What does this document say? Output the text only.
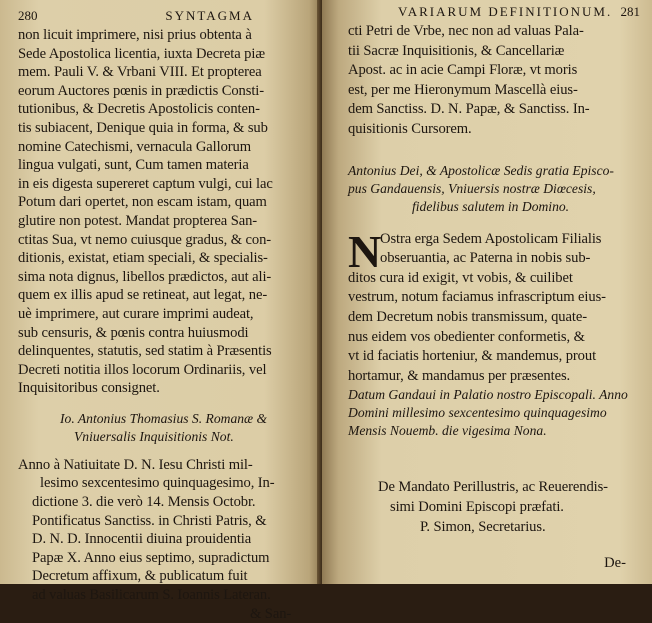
280	SYNTAGMA
non licuit imprimere, nisi prius obtenta à
Sede Apostolica licentia, iuxta Decreta piæ
mem. Pauli V. & Vrbani VIII. Et propterea
eorum Auctores pœnis in prædictis Consti-
tutionibus, & Decretis Apostolicis conten-
tis subiacent, Denique quia in forma, & sub
nomine Catechismi, vernacula Gallorum
lingua vulgati, sunt, Cum tamen materia
in eis digesta supereret captum vulgi, cui lac
Potum dari opertet, non escam istam, quam
glutire non potest. Mandat propterea San-
ctitas Sua, vt nemo cuiusque gradus, & con-
ditionis, existat, etiam speciali, & specialis-
sima nota dignus, libellos prædictos, aut ali-
quem ex illis apud se retineat, aut legat, ne-
uè imprimere, aut curare imprimi audeat,
sub censuris, & pœnis contra huiusmodi
delinquentes, statutis, sed statim à Præsentis
Decreti notitia illos locorum Ordinariis, vel
Inquisitoribus consignet.
Io. Antonius Thomasius S. Romanæ &
Vniuersalis Inquisitionis Not.
Anno à Natiuitate D. N. Iesu Christi mil-
lesimo sexcentesimo quinquagesimo, In-
dictione 3. die verò 14. Mensis Octobr.
Pontificatus Sanctiss. in Christi Patris, &
D. N. D. Innocentii diuina prouidentia
Papæ X. Anno eius septimo, supradictum
Decretum affixum, & publicatum fuit
ad valuas Basilicarum S. Ioannis Lateran.
& San-
VARIARUM DEFINITIONUM. 281
cti Petri de Vrbe, nec non ad valuas Pala-
tii Sacræ Inquisitionis, & Cancellariæ
Apost. ac in acie Campi Floræ, vt moris
est, per me Hieronymum Mascellà eius-
dem Sanctiss. D. N. Papæ, & Sanctiss. In-
quisitionis Cursorem.
Antonius Dei, & Apostolicæ Sedis gratia Episco-
pus Gandauensis, Vniuersis nostræ Diœcesis,
fidelibus salutem in Domino.
N
Ostra erga Sedem Apostolicam Filialis
obseruantia, ac Paterna in nobis sub-
ditos cura id exigit, vt vobis, & cuilibet
vestrum, notum faciamus infrascriptum eius-
dem Decretum nobis transmissum, quate-
nus eidem vos obedienter conformetis, &
vt id faciatis horteniur, & mandemus, prout
hortamur, & mandamus per præsentes.
Datum Gandaui in Palatio nostro Episcopali. Anno
Domini millesimo sexcentesimo quinquagesimo
Mensis Nouemb. die vigesima Nona.
De Mandato Perillustris, ac Reuerendis-
simi Domini Episcopi præfati.
P. Simon, Secretarius.
De-
